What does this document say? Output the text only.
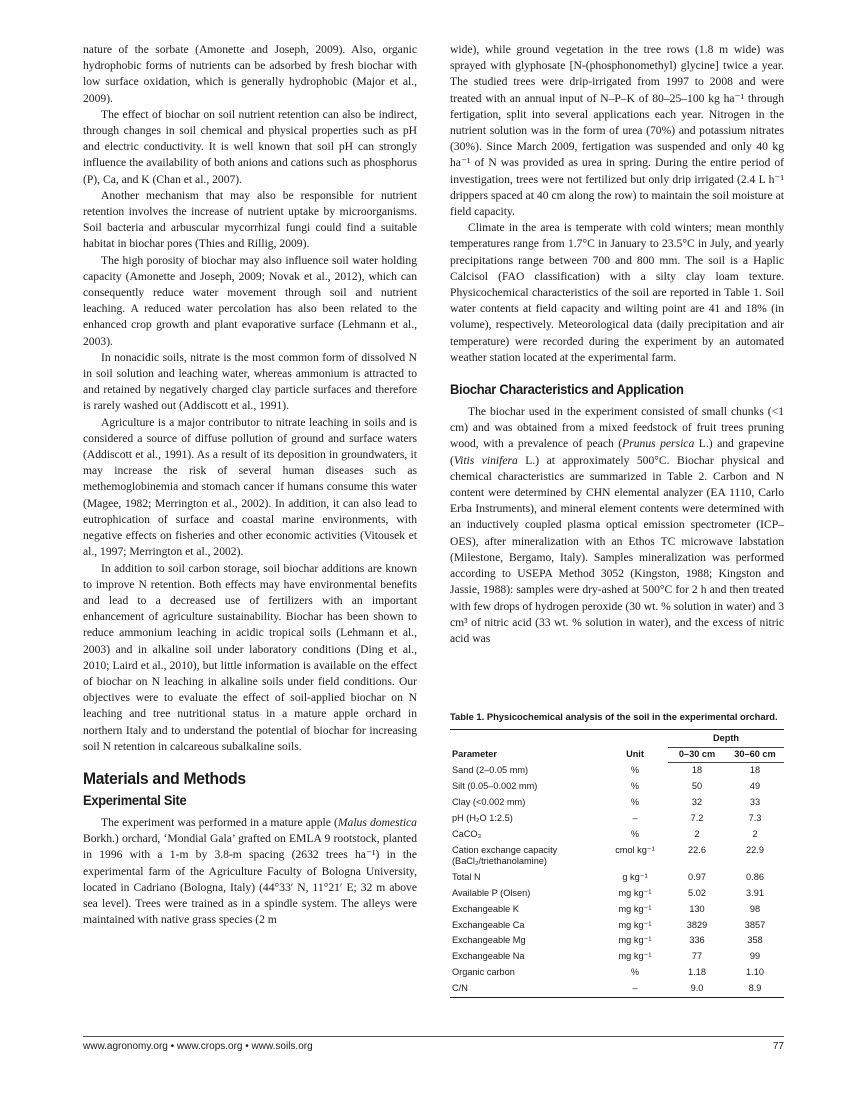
nature of the sorbate (Amonette and Joseph, 2009). Also, organic hydrophobic forms of nutrients can be adsorbed by fresh biochar with low surface oxidation, which is generally hydrophobic (Major et al., 2009).

The effect of biochar on soil nutrient retention can also be indirect, through changes in soil chemical and physical properties such as pH and electric conductivity. It is well known that soil pH can strongly influence the availability of both anions and cations such as phosphorus (P), Ca, and K (Chan et al., 2007).

Another mechanism that may also be responsible for nutrient retention involves the increase of nutrient uptake by microorganisms. Soil bacteria and arbuscular mycorrhizal fungi could find a suitable habitat in biochar pores (Thies and Rillig, 2009).

The high porosity of biochar may also influence soil water holding capacity (Amonette and Joseph, 2009; Novak et al., 2012), which can consequently reduce water movement through soil and nutrient leaching. A reduced water percolation has also been related to the enhanced crop growth and plant evaporative surface (Lehmann et al., 2003).

In nonacidic soils, nitrate is the most common form of dissolved N in soil solution and leaching water, whereas ammonium is attracted to and retained by negatively charged clay particle surfaces and therefore is rarely washed out (Addiscott et al., 1991).

Agriculture is a major contributor to nitrate leaching in soils and is considered a source of diffuse pollution of ground and surface waters (Addiscott et al., 1991). As a result of its deposition in groundwaters, it may increase the risk of several human diseases such as methemoglobinemia and stomach cancer if humans consume this water (Magee, 1982; Merrington et al., 2002). In addition, it can also lead to eutrophication of surface and coastal marine environments, with negative effects on fisheries and other economic activities (Vitousek et al., 1997; Merrington et al., 2002).

In addition to soil carbon storage, soil biochar additions are known to improve N retention. Both effects may have environmental benefits and lead to a decreased use of fertilizers with an important enhancement of agriculture sustainability. Biochar has been shown to reduce ammonium leaching in acidic tropical soils (Lehmann et al., 2003) and in alkaline soil under laboratory conditions (Ding et al., 2010; Laird et al., 2010), but little information is available on the effect of biochar on N leaching in alkaline soils under field conditions. Our objectives were to evaluate the effect of soil-applied biochar on N leaching and tree nutritional status in a mature apple orchard in northern Italy and to understand the potential of biochar for increasing soil N retention in calcareous subalkaline soils.

Materials and Methods
Experimental Site

The experiment was performed in a mature apple (Malus domestica Borkh.) orchard, ‘Mondial Gala’ grafted on EMLA 9 rootstock, planted in 1996 with a 1-m by 3.8-m spacing (2632 trees ha⁻¹) in the experimental farm of the Agriculture Faculty of Bologna University, located in Cadriano (Bologna, Italy) (44°33′ N, 11°21′ E; 32 m above sea level). Trees were trained as in a spindle system. The alleys were maintained with native grass species (2 m

wide), while ground vegetation in the tree rows (1.8 m wide) was sprayed with glyphosate [N-(phosphonomethyl) glycine] twice a year. The studied trees were drip-irrigated from 1997 to 2008 and were treated with an annual input of N–P–K of 80–25–100 kg ha⁻¹ through fertigation, split into several applications each year. Nitrogen in the nutrient solution was in the form of urea (70%) and potassium nitrates (30%). Since March 2009, fertigation was suspended and only 40 kg ha⁻¹ of N was provided as urea in spring. During the entire period of investigation, trees were not fertilized but only drip irrigated (2.4 L h⁻¹ drippers spaced at 40 cm along the row) to maintain the soil moisture at field capacity.

Climate in the area is temperate with cold winters; mean monthly temperatures range from 1.7°C in January to 23.5°C in July, and yearly precipitations range between 700 and 800 mm. The soil is a Haplic Calcisol (FAO classification) with a silty clay loam texture. Physicochemical characteristics of the soil are reported in Table 1. Soil water contents at field capacity and wilting point are 41 and 18% (in volume), respectively. Meteorological data (daily precipitation and air temperature) were recorded during the experiment by an automated weather station located at the experimental farm.

Biochar Characteristics and Application

The biochar used in the experiment consisted of small chunks (<1 cm) and was obtained from a mixed feedstock of fruit trees pruning wood, with a prevalence of peach (Prunus persica L.) and grapevine (Vitis vinifera L.) at approximately 500°C. Biochar physical and chemical characteristics are summarized in Table 2. Carbon and N content were determined by CHN elemental analyzer (EA 1110, Carlo Erba Instruments), and mineral element contents were determined with an inductively coupled plasma optical emission spectrometer (ICP–OES), after mineralization with an Ethos TC microwave labstation (Milestone, Bergamo, Italy). Samples mineralization was performed according to USEPA Method 3052 (Kingston, 1988; Kingston and Jassie, 1988): samples were dry-ashed at 500°C for 2 h and then treated with few drops of hydrogen peroxide (30 wt. % solution in water) and 3 cm³ of nitric acid (33 wt. % solution in water), and the excess of nitric acid was

Table 1. Physicochemical analysis of the soil in the experimental orchard.
Parameter	Unit	Depth	
		0–30 cm	30–60 cm
Sand (2–0.05 mm)	%	18	18
Silt (0.05–0.002 mm)	%	50	49
Clay (<0.002 mm)	%	32	33
pH (H₂O 1:2.5)	–	7.2	7.3
CaCO₃	%	2	2
Cation exchange capacity (BaCl₂/triethanolamine)	cmol kg⁻¹	22.6	22.9
Total N	g kg⁻¹	0.97	0.86
Available P (Olsen)	mg kg⁻¹	5.02	3.91
Exchangeable K	mg kg⁻¹	130	98
Exchangeable Ca	mg kg⁻¹	3829	3857
Exchangeable Mg	mg kg⁻¹	336	358
Exchangeable Na	mg kg⁻¹	77	99
Organic carbon	%	1.18	1.10
C/N	–	9.0	8.9
www.agronomy.org • www.crops.org • www.soils.org	77
